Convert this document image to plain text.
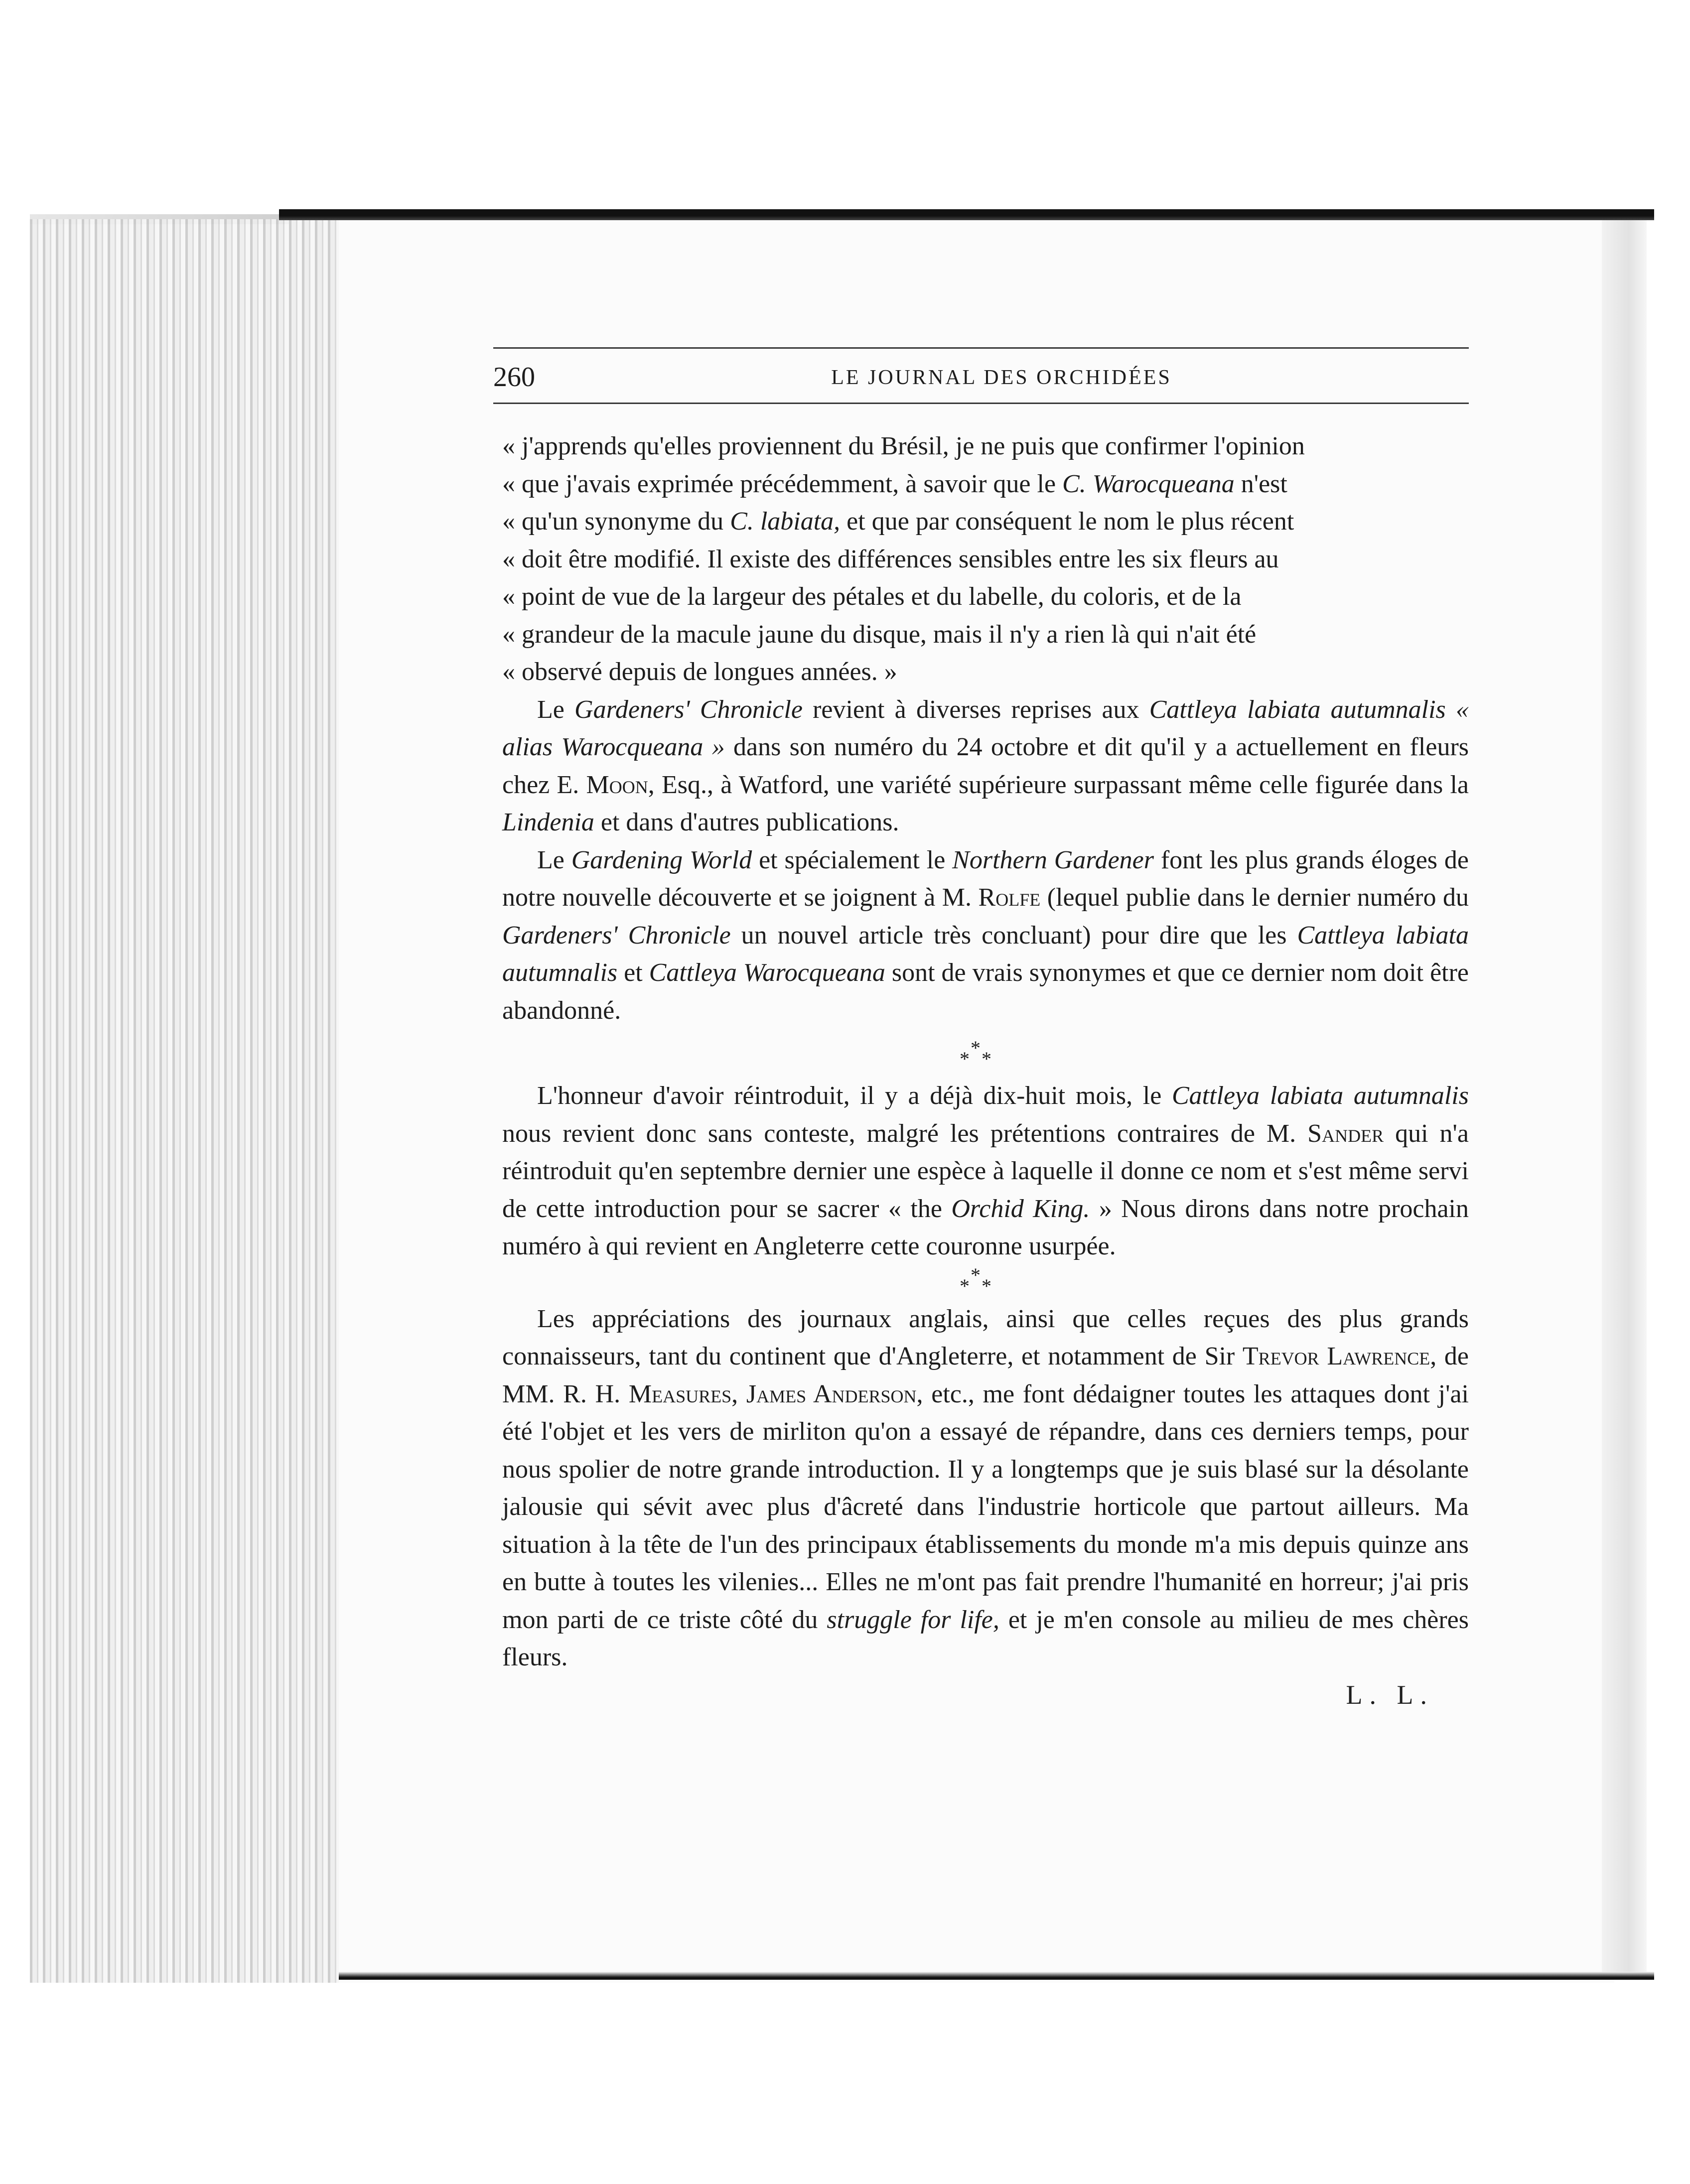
260	LE JOURNAL DES ORCHIDÉES

« j'apprends qu'elles proviennent du Brésil, je ne puis que confirmer l'opinion
« que j'avais exprimée précédemment, à savoir que le C. Warocqueana n'est
« qu'un synonyme du C. labiata, et que par conséquent le nom le plus récent
« doit être modifié. Il existe des différences sensibles entre les six fleurs au
« point de vue de la largeur des pétales et du labelle, du coloris, et de la
« grandeur de la macule jaune du disque, mais il n'y a rien là qui n'ait été
« observé depuis de longues années. »

Le Gardeners' Chronicle revient à diverses reprises aux Cattleya labiata autumnalis « alias Warocqueana » dans son numéro du 24 octobre et dit qu'il y a actuellement en fleurs chez E. Moon, Esq., à Watford, une variété supérieure surpassant même celle figurée dans la Lindenia et dans d'autres publications.

Le Gardening World et spécialement le Northern Gardener font les plus grands éloges de notre nouvelle découverte et se joignent à M. Rolfe (lequel publie dans le dernier numéro du Gardeners' Chronicle un nouvel article très concluant) pour dire que les Cattleya labiata autumnalis et Cattleya Warocqueana sont de vrais synonymes et que ce dernier nom doit être abandonné.

*
* *

L'honneur d'avoir réintroduit, il y a déjà dix-huit mois, le Cattleya labiata autumnalis nous revient donc sans conteste, malgré les prétentions contraires de M. Sander qui n'a réintroduit qu'en septembre dernier une espèce à laquelle il donne ce nom et s'est même servi de cette introduction pour se sacrer « the Orchid King. » Nous dirons dans notre prochain numéro à qui revient en Angleterre cette couronne usurpée.

*
* *

Les appréciations des journaux anglais, ainsi que celles reçues des plus grands connaisseurs, tant du continent que d'Angleterre, et notamment de Sir Trevor Lawrence, de MM. R. H. Measures, James Anderson, etc., me font dédaigner toutes les attaques dont j'ai été l'objet et les vers de mirliton qu'on a essayé de répandre, dans ces derniers temps, pour nous spolier de notre grande introduction. Il y a longtemps que je suis blasé sur la désolante jalousie qui sévit avec plus d'âcreté dans l'industrie horticole que partout ailleurs. Ma situation à la tête de l'un des principaux établissements du monde m'a mis depuis quinze ans en butte à toutes les vilenies... Elles ne m'ont pas fait prendre l'humanité en horreur; j'ai pris mon parti de ce triste côté du struggle for life, et je m'en console au milieu de mes chères fleurs.

L. L.
